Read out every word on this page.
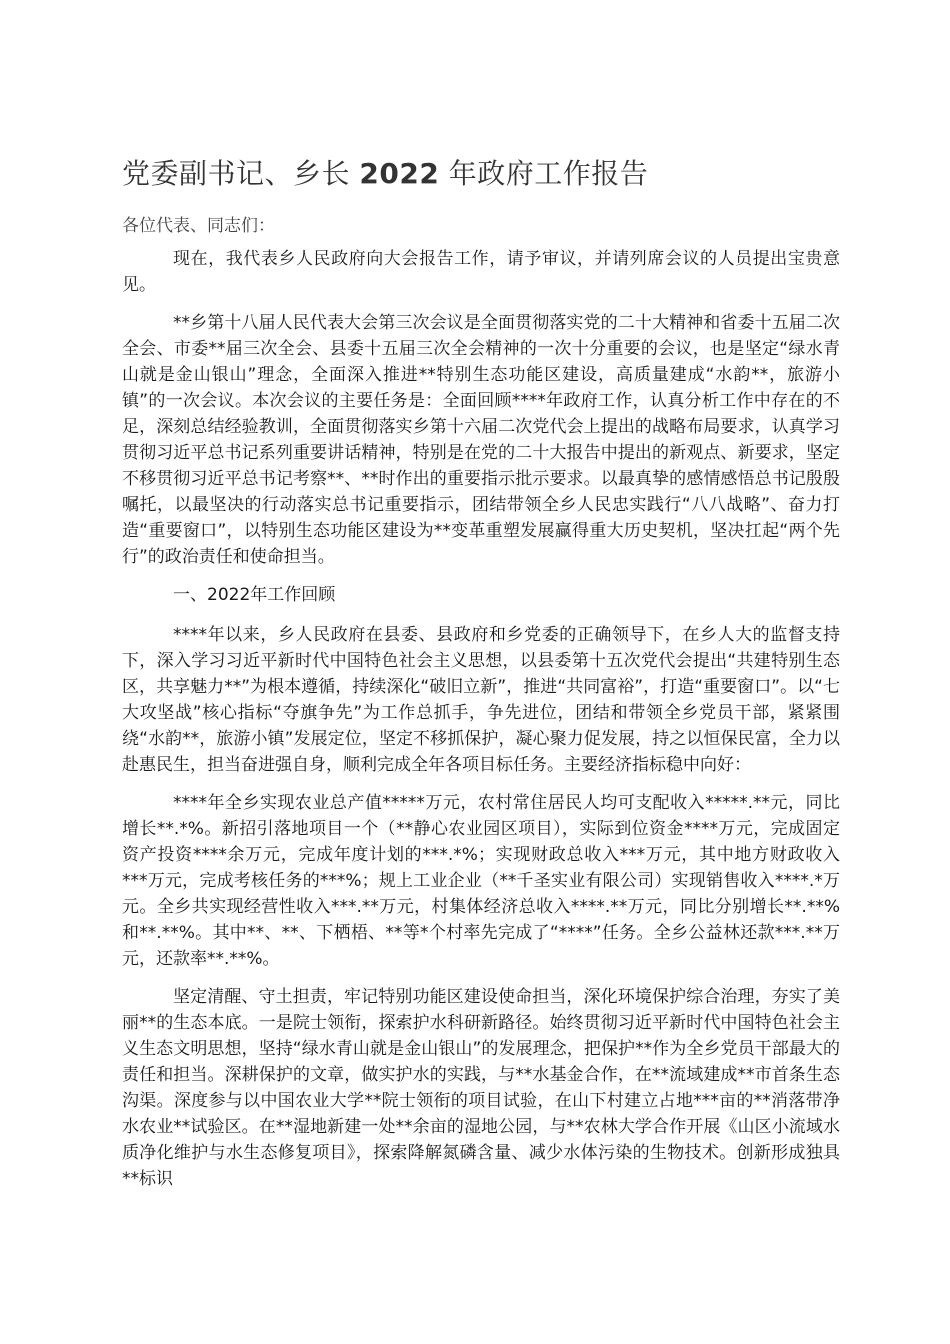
党委副书记、乡长 2022 年政府工作报告

各位代表、同志们：

现在，我代表乡人民政府向大会报告工作，请予审议，并请列席会议的人员提出宝贵意见。

**乡第十八届人民代表大会第三次会议是全面贯彻落实党的二十大精神和省委十五届二次全会、市委**届三次全会、县委十五届三次全会精神的一次十分重要的会议，也是坚定“绿水青山就是金山银山”理念，全面深入推进**特别生态功能区建设，高质量建成“水韵**，旅游小镇”的一次会议。本次会议的主要任务是：全面回顾****年政府工作，认真分析工作中存在的不足，深刻总结经验教训，全面贯彻落实乡第十六届二次党代会上提出的战略布局要求，认真学习贯彻习近平总书记系列重要讲话精神，特别是在党的二十大报告中提出的新观点、新要求，坚定不移贯彻习近平总书记考察**、**时作出的重要指示批示要求。以最真挚的感情感悟总书记殷殷嘱托，以最坚决的行动落实总书记重要指示，团结带领全乡人民忠实践行“八八战略”、奋力打造“重要窗口”，以特别生态功能区建设为**变革重塑发展赢得重大历史契机，坚决扛起“两个先行”的政治责任和使命担当。

一、2022年工作回顾

****年以来，乡人民政府在县委、县政府和乡党委的正确领导下，在乡人大的监督支持下，深入学习习近平新时代中国特色社会主义思想，以县委第十五次党代会提出“共建特别生态区，共享魅力**”为根本遵循，持续深化“破旧立新”，推进“共同富裕”，打造“重要窗口”。以“七大攻坚战”核心指标“夺旗争先”为工作总抓手，争先进位，团结和带领全乡党员干部，紧紧围绕“水韵**，旅游小镇”发展定位，坚定不移抓保护，凝心聚力促发展，持之以恒保民富，全力以赴惠民生，担当奋进强自身，顺利完成全年各项目标任务。主要经济指标稳中向好：

****年全乡实现农业总产值*****万元，农村常住居民人均可支配收入*****.**元，同比增长**.*%。新招引落地项目一个（**静心农业园区项目），实际到位资金****万元，完成固定资产投资****余万元，完成年度计划的***.*%；实现财政总收入***万元，其中地方财政收入***万元，完成考核任务的***%；规上工业企业（**千圣实业有限公司）实现销售收入****.*万元。全乡共实现经营性收入***.**万元，村集体经济总收入****.**万元，同比分别增长**.**%和**.**%。其中**、**、下栖梧、**等*个村率先完成了“****”任务。全乡公益林还款***.**万元，还款率**.**%。

坚定清醒、守土担责，牢记特别功能区建设使命担当，深化环境保护综合治理，夯实了美丽**的生态本底。一是院士领衔，探索护水科研新路径。始终贯彻习近平新时代中国特色社会主义生态文明思想，坚持“绿水青山就是金山银山”的发展理念，把保护**作为全乡党员干部最大的责任和担当。深耕保护的文章，做实护水的实践，与**水基金合作，在**流域建成**市首条生态沟渠。深度参与以中国农业大学**院士领衔的项目试验，在山下村建立占地***亩的**消落带净水农业**试验区。在**湿地新建一处**余亩的湿地公园，与**农林大学合作开展《山区小流域水质净化维护与水生态修复项目》，探索降解氮磷含量、减少水体污染的生物技术。创新形成独具**标识
